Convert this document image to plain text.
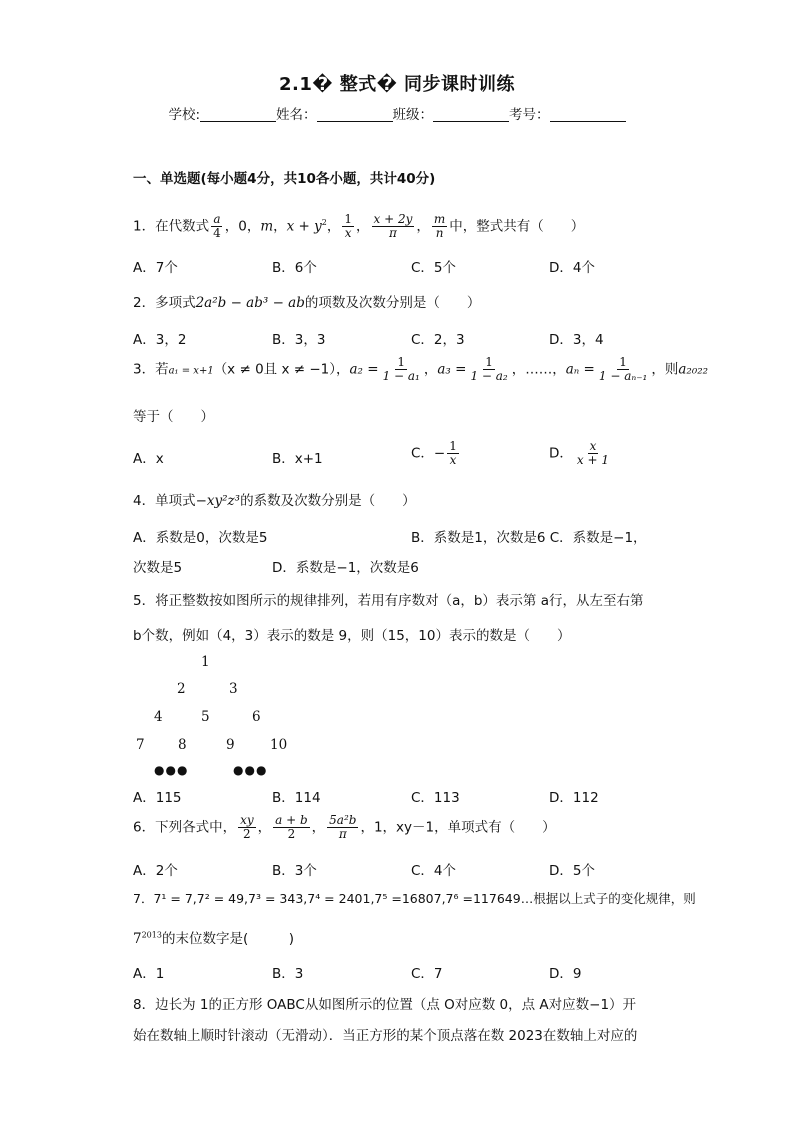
2.1� 整式� 同步课时训练
学校:	姓名：	班级：	考号：
一、单选题(每小题4分，共10各小题，共计40分)
1．在代数式 $\frac{a}{4}$ ，0，m，$x + y^2$， $\frac{1}{x}$ ， $\frac{x + 2y}{\pi}$ ， $\frac{m}{n}$ 中，整式共有（　　）
A．7个	B．6个	C．5个	D．4个
2．多项式2a²b − ab³ − ab的项数及次数分别是（　　）
A．3，2	B．3，3	C．2，3	D．3，4
3．若a₁ = x+1（x ≠ 0且 x ≠ −1），$a_2 = \frac{1}{\text{1 − a₁}}$ ，$a_3 = \frac{1}{\text{1 − a₂}}$ ，……，$a_n = \frac{1}{\text{1 − aₙ₋₁}}$ ，则a₂₀₂₂
等于（　　）
A．x	B．x+1	C．− $\frac{1}{x}$	D． $\frac{x}{x + 1}$
4．单项式−xy²z³的系数及次数分别是（　　）
A．系数是0，次数是5	B．系数是1，次数是6 C．系数是−1，
次数是5	D．系数是−1，次数是6
5．将正整数按如图所示的规律排列，若用有序数对（a，b）表示第 a行，从左至右第
b个数，例如（4，3）表示的数是 9，则（15，10）表示的数是（　　）
1
2	3
4	5	6
7 8	9	10
●●●	●●●
A．115	B．114	C．113	D．112
6．下列各式中， $\frac{xy}{2}$ ， $\frac{a + b}{2}$ ， $\frac{\text{5a²b}}{\pi}$ ，1，xy－1，单项式有（　　）
A．2个	B．3个	C．4个	D．5个
7．7¹ = 7,7² = 49,7³ = 343,7⁴ = 2401,7⁵ =16807,7⁶ =117649…根据以上式子的变化规律，则
$7^{2013}$的末位数字是(　　　)
A．1	B．3	C．7	D．9
8．边长为 1的正方形 OABC从如图所示的位置（点 O对应数 0，点 A对应数−1）开
始在数轴上顺时针滚动（无滑动）．当正方形的某个顶点落在数 2023在数轴上对应的
